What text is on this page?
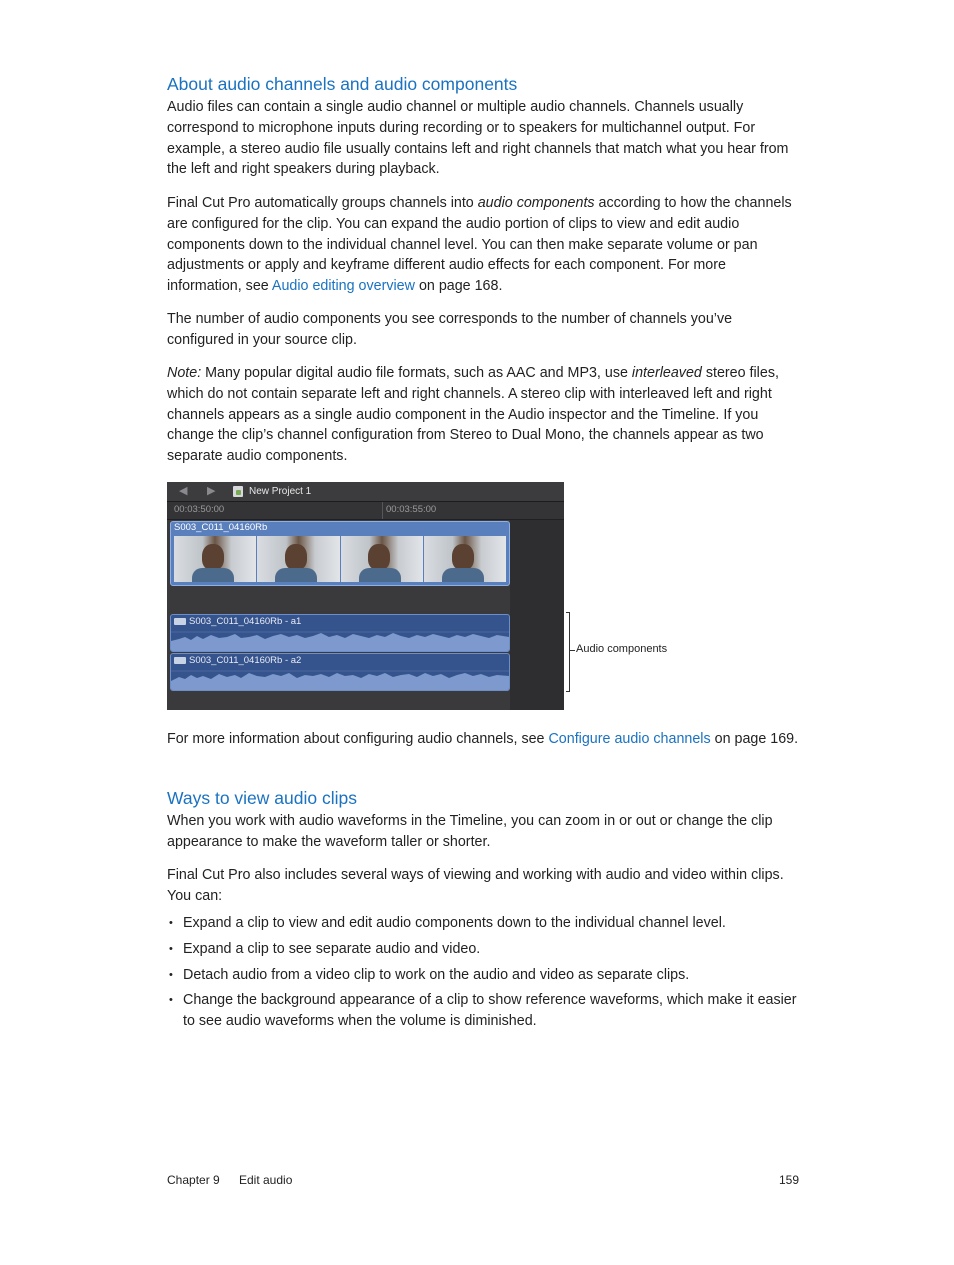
About audio channels and audio components

Audio files can contain a single audio channel or multiple audio channels. Channels usually correspond to microphone inputs during recording or to speakers for multichannel output. For example, a stereo audio file usually contains left and right channels that match what you hear from the left and right speakers during playback.

Final Cut Pro automatically groups channels into audio components according to how the channels are configured for the clip. You can expand the audio portion of clips to view and edit audio components down to the individual channel level. You can then make separate volume or pan adjustments or apply and keyframe different audio effects for each component. For more information, see Audio editing overview on page 168.

The number of audio components you see corresponds to the number of channels you’ve configured in your source clip.

Note: Many popular digital audio file formats, such as AAC and MP3, use interleaved stereo files, which do not contain separate left and right channels. A stereo clip with interleaved left and right channels appears as a single audio component in the Audio inspector and the Timeline. If you change the clip’s channel configuration from Stereo to Dual Mono, the channels appear as two separate audio components.

◀ ▶	New Project 1
00:03:50:00	00:03:55:00
S003_C011_04160Rb
S003_C011_04160Rb - a1
S003_C011_04160Rb - a2
Audio components

For more information about configuring audio channels, see Configure audio channels on page 169.

Ways to view audio clips

When you work with audio waveforms in the Timeline, you can zoom in or out or change the clip appearance to make the waveform taller or shorter.

Final Cut Pro also includes several ways of viewing and working with audio and video within clips. You can:

• Expand a clip to view and edit audio components down to the individual channel level.
• Expand a clip to see separate audio and video.
• Detach audio from a video clip to work on the audio and video as separate clips.
• Change the background appearance of a clip to show reference waveforms, which make it easier to see audio waveforms when the volume is diminished.
Chapter 9 Edit audio	159
